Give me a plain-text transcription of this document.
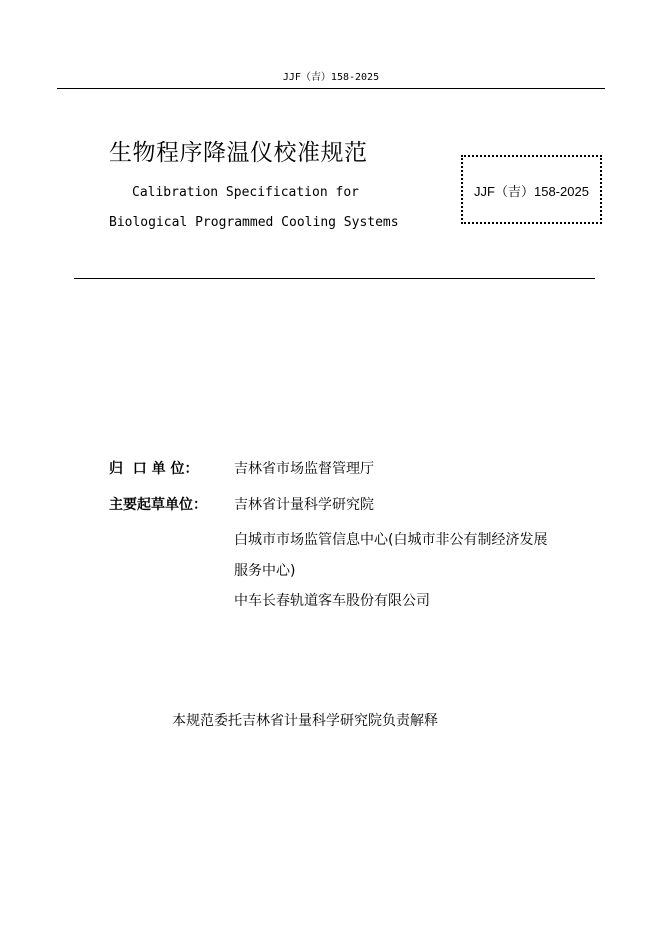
JJF（吉）158-2025
生物程序降温仪校准规范
Calibration Specification for
Biological Programmed Cooling Systems
JJF（吉）158-2025
归  口 单 位：	吉林省市场监督管理厅
主要起草单位： 吉林省计量科学研究院
白城市市场监管信息中心(白城市非公有制经济发展
服务中心)
中车长春轨道客车股份有限公司
本规范委托吉林省计量科学研究院负责解释
